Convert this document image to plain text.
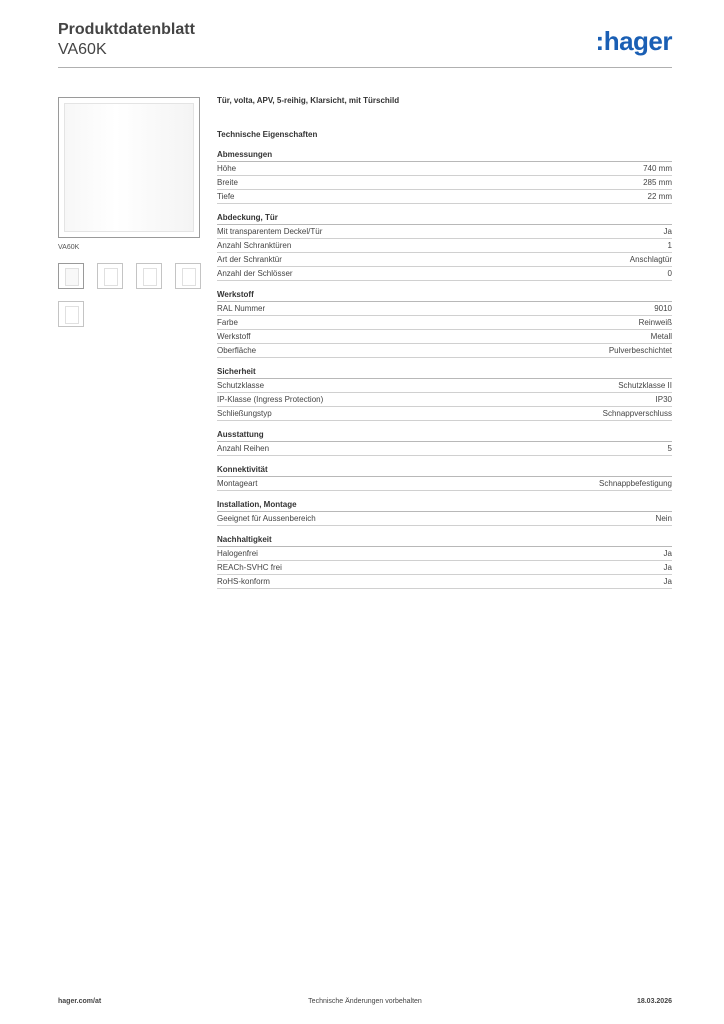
Produktdatenblatt
VA60K	:hager
VA60K
Tür, volta, APV, 5-reihig, Klarsicht, mit Türschild
Technische Eigenschaften
Abmessungen
Höhe	740 mm
Breite	285 mm
Tiefe	22 mm
Abdeckung, Tür
Mit transparentem Deckel/Tür	Ja
Anzahl Schranktüren	1
Art der Schranktür	Anschlagtür
Anzahl der Schlösser	0
Werkstoff
RAL Nummer	9010
Farbe	Reinweiß
Werkstoff	Metall
Oberfläche	Pulverbeschichtet
Sicherheit
Schutzklasse	Schutzklasse II
IP-Klasse (Ingress Protection)	IP30
Schließungstyp	Schnappverschluss
Ausstattung
Anzahl Reihen	5
Konnektivität
Montageart	Schnappbefestigung
Installation, Montage
Geeignet für Aussenbereich	Nein
Nachhaltigkeit
Halogenfrei	Ja
REACh-SVHC frei	Ja
RoHS-konform	Ja
hager.com/at	Technische Änderungen vorbehalten	18.03.2026
